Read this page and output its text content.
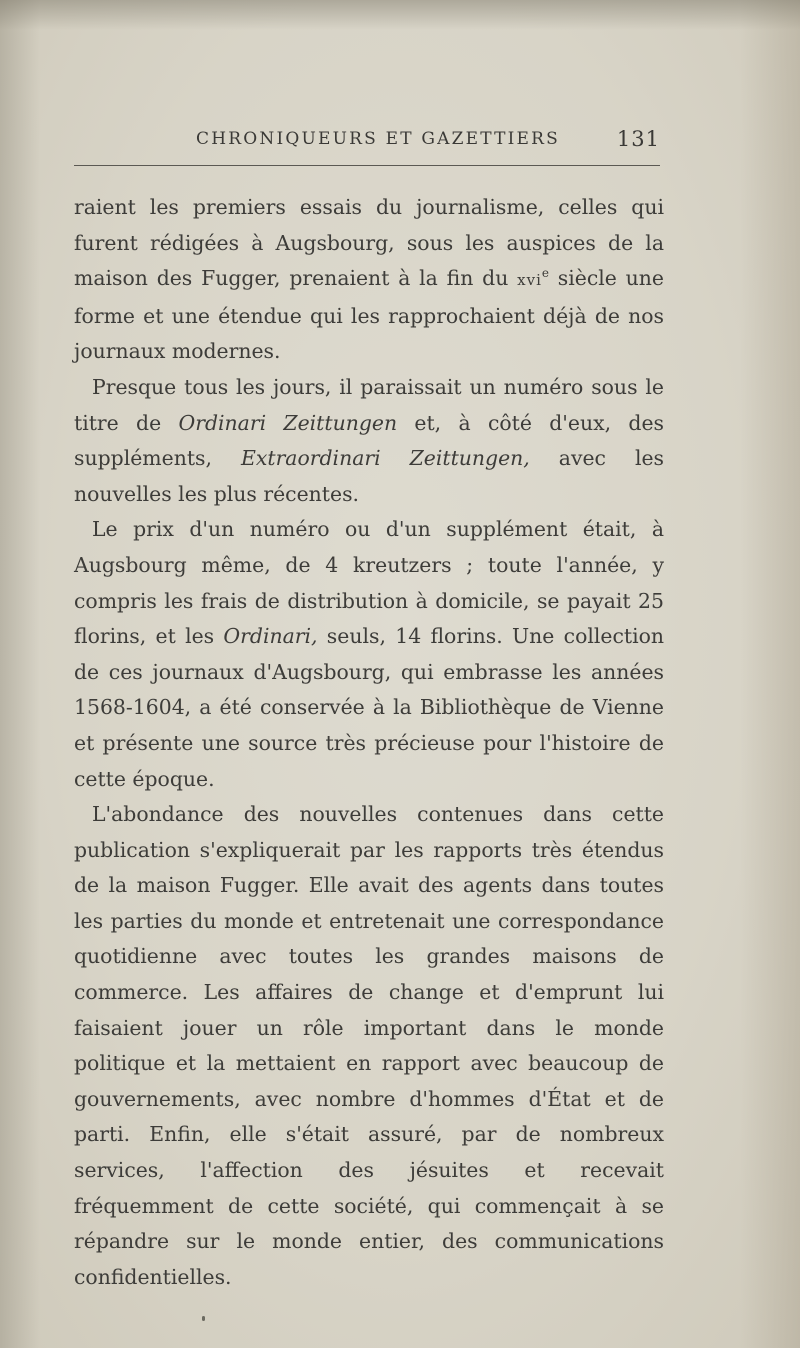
CHRONIQUEURS ET GAZETTIERS	131

raient les premiers essais du journalisme, celles qui furent rédigées à Augsbourg, sous les auspices de la maison des Fugger, prenaient à la fin du xvi$^e$ siècle une forme et une étendue qui les rapprochaient déjà de nos journaux modernes.

Presque tous les jours, il paraissait un numéro sous le titre de Ordinari Zeittungen et, à côté d'eux, des suppléments, Extraordinari Zeittungen, avec les nouvelles les plus récentes.

Le prix d'un numéro ou d'un supplément était, à Augsbourg même, de 4 kreutzers ; toute l'année, y compris les frais de distribution à domicile, se payait 25 florins, et les Ordinari, seuls, 14 florins. Une collection de ces journaux d'Augsbourg, qui embrasse les années 1568-1604, a été conservée à la Bibliothèque de Vienne et présente une source très précieuse pour l'histoire de cette époque.

L'abondance des nouvelles contenues dans cette publication s'expliquerait par les rapports très étendus de la maison Fugger. Elle avait des agents dans toutes les parties du monde et entretenait une correspondance quotidienne avec toutes les grandes maisons de commerce. Les affaires de change et d'emprunt lui faisaient jouer un rôle important dans le monde politique et la mettaient en rapport avec beaucoup de gouvernements, avec nombre d'hommes d'État et de parti. Enfin, elle s'était assuré, par de nombreux services, l'affection des jésuites et recevait fréquemment de cette société, qui commençait à se répandre sur le monde entier, des communications confidentielles.
